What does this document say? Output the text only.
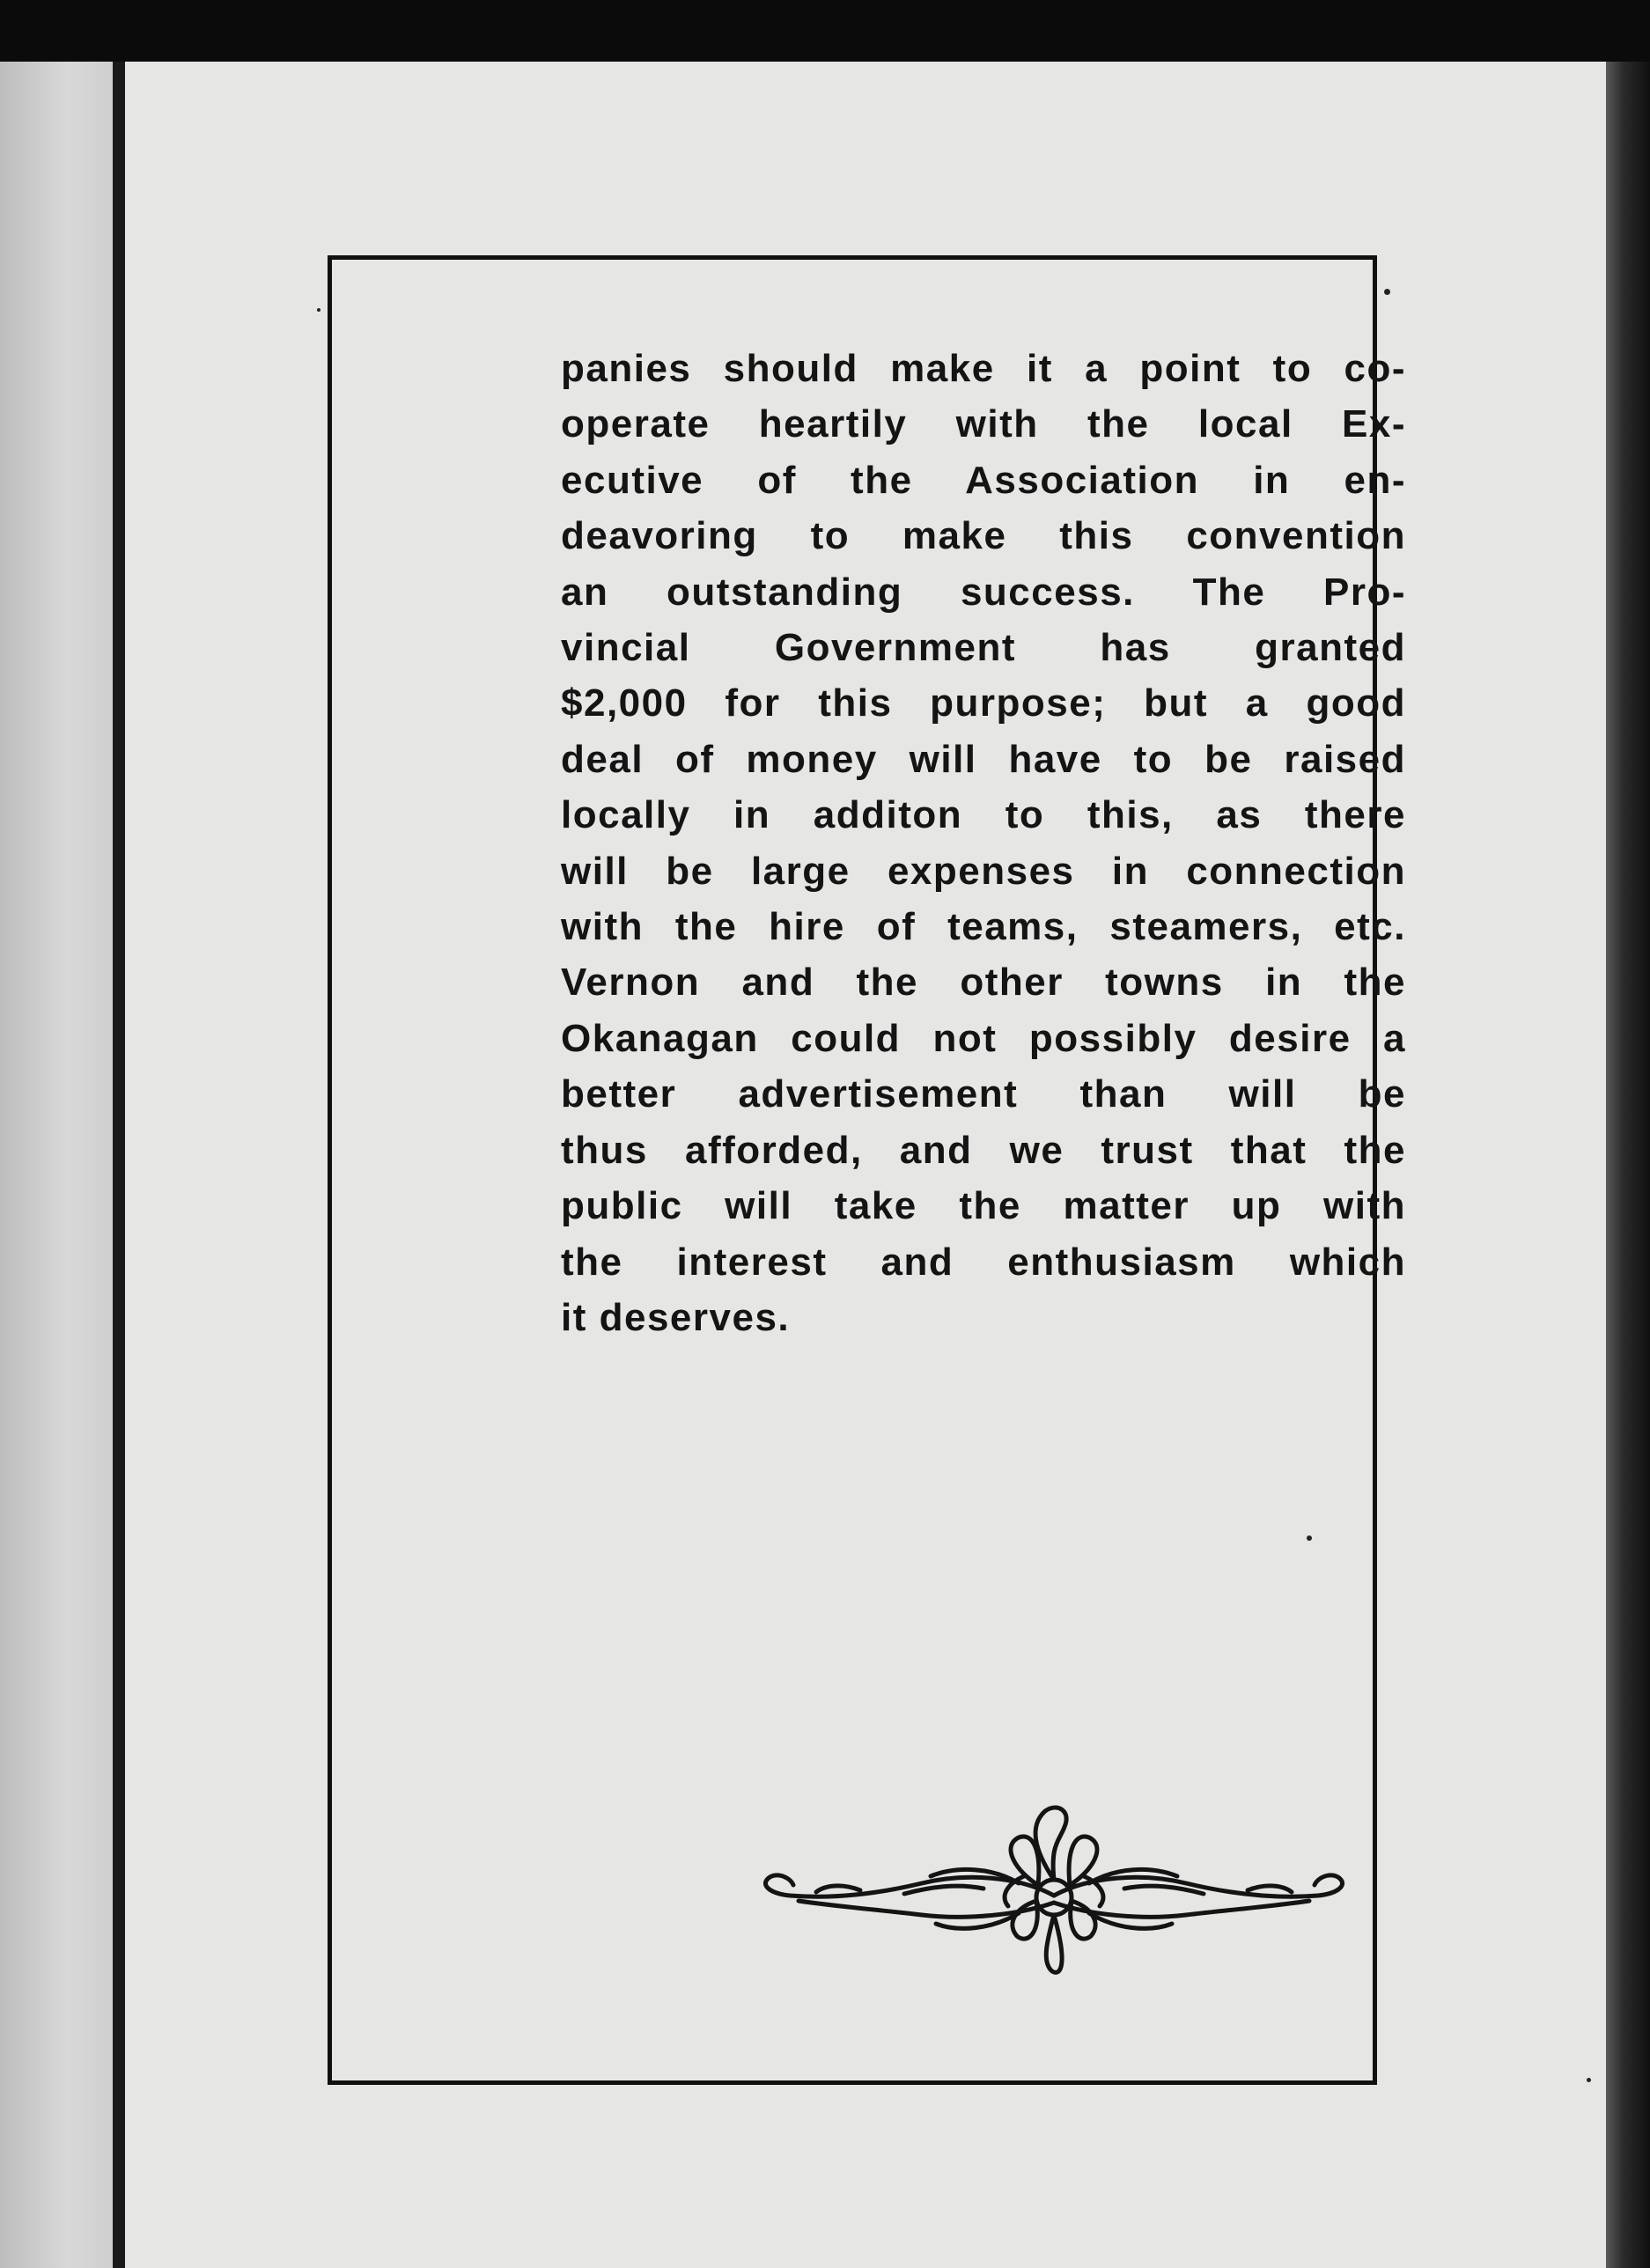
panies should make it a point to co-
operate heartily with the local Ex-
ecutive of the Association in en-
deavoring to make this convention
an outstanding success. The Pro-
vincial Government has granted
$2,000 for this purpose; but a good
deal of money will have to be raised
locally in additon to this, as there
will be large expenses in connection
with the hire of teams, steamers, etc.
Vernon and the other towns in the
Okanagan could not possibly desire a
better advertisement than will be
thus afforded, and we trust that the
public will take the matter up with
the interest and enthusiasm which
it deserves.
